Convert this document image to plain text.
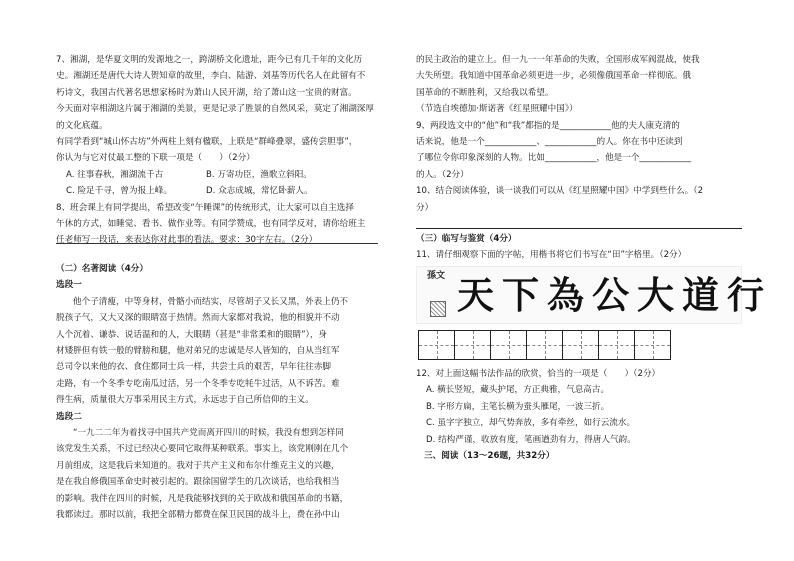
7、湘湖，是华夏文明的发源地之一，跨湖桥文化遗址，距今已有几千年的文化历
史。湘湖还是唐代大诗人贺知章的故里，李白、陆游、刘基等历代名人在此留有不
朽诗文，我国古代著名思想家杨时为萧山人民开湖，给了萧山这一宝贵的财富。
今天面对宰相湖这片属于湘湖的美景，更是记录了胜景的自然风采，莫定了湘湖深厚
的文化底蕴。
有同学看到“城山怀古坊”外两柱上刻有楹联，上联是“群峰叠翠，盛传尝胆事”，
你认为与它对仗最工整的下联一项是（　　）（2分）
A. 往事春秋，湘湖流千古	B. 万寄功臣，渔歌立斜阳。
C. 险足千寻，曾为报上峰。	D. 众志成城，常忆卧薪人。
8、班会课上有同学提出，希望改变“午睡课”的传统形式，让大家可以自主选择
午休的方式，如睡觉、看书、做作业等。有同学赞成，也有同学反对，请你给班主
任老师写一段话，来表达你对此事的看法。要求：30字左右。（2分）
（二）名著阅读（4分）
选段一
他个子清瘦，中等身材，骨骼小而结实，尽管胡子又长又黑，外表上仍不
脱孩子气，又大又深的眼睛富于热情。然而大家都对我说，他的相貌并不动
人个沉着、谦恭、说话温和的人，大眼睛（甚是“非常柔和的眼睛”），身
材矮胖但有铁一般的臂膀和腿，他对弟兄的忠诚是尽人皆知的，自从当红军
总司令以来他的衣、食住都同士兵一样，共尝士兵的艰苦，早年往往赤脚
走路，有一个冬季专吃南瓜过活，另一个冬季专吃牦牛过活，从不诉苦。难
得生病，质量很大万事采用民主方式，永远忠于自己所信仰的主义。
选段二
“一九二二年为着找寻中国共产党而离开四川的时候，我没有想到怎样同
该党发生关系，不过已经决心要同它取得某种联系。事实上，该党刚刚在几个
月前组成，这是我后来知道的。我对于共产主义和布尔什维克主义的兴趣，
是在我自修俄国革命史时被引起的。跟徐国留学生的几次谈话，也给我相当
的影响。我伴在四川的时候，凡是我能够找到的关于欧战和俄国革命的书籍，
我都读过。那时以前，我把全部精力都费在保卫民国的战斗上，费在孙中山
的民主政治的建立上。但一九一一年革命的失败，全国形成军阀混战，使我
大失所望。我知道中国革命必须更进一步，必须像俄国革命一样彻底。俄
国革命的不断胜利，又给我以希望。
（节选自埃德加·斯诺著《红星照耀中国》）
9、两段选文中的“他”和“我”都指的是____________他的夫人康克清的
话来说，他是一个____________、____________的人。你在书中还读到
了哪位令你印象深刻的人物。比如____________，他是一个____________
的人。（2分）
10、结合阅读体验，谈一谈我们可以从《红星照耀中国》中学到些什么。（2
分）
（三）临写与鉴赏（4分）
11、请仔细观察下面的字帖，用楷书将它们书写在“田”字格里。（2分）
孫文 天下為公大道行
12、对上面这幅书法作品的欣赏，恰当的一项是（　　）（2分）
A. 横长竖短，藏头护尾，方正典雅，气息高古。
B. 字形方扁，主笔长横为蚕头雁尾，一波三折。
C. 虽字字独立，却气势奔放，多有牵丝，如行云流水。
D. 结构严谨，收放有度，笔画遒劲有力，得唐人气韵。
三、阅读（13～26题，共32分）
